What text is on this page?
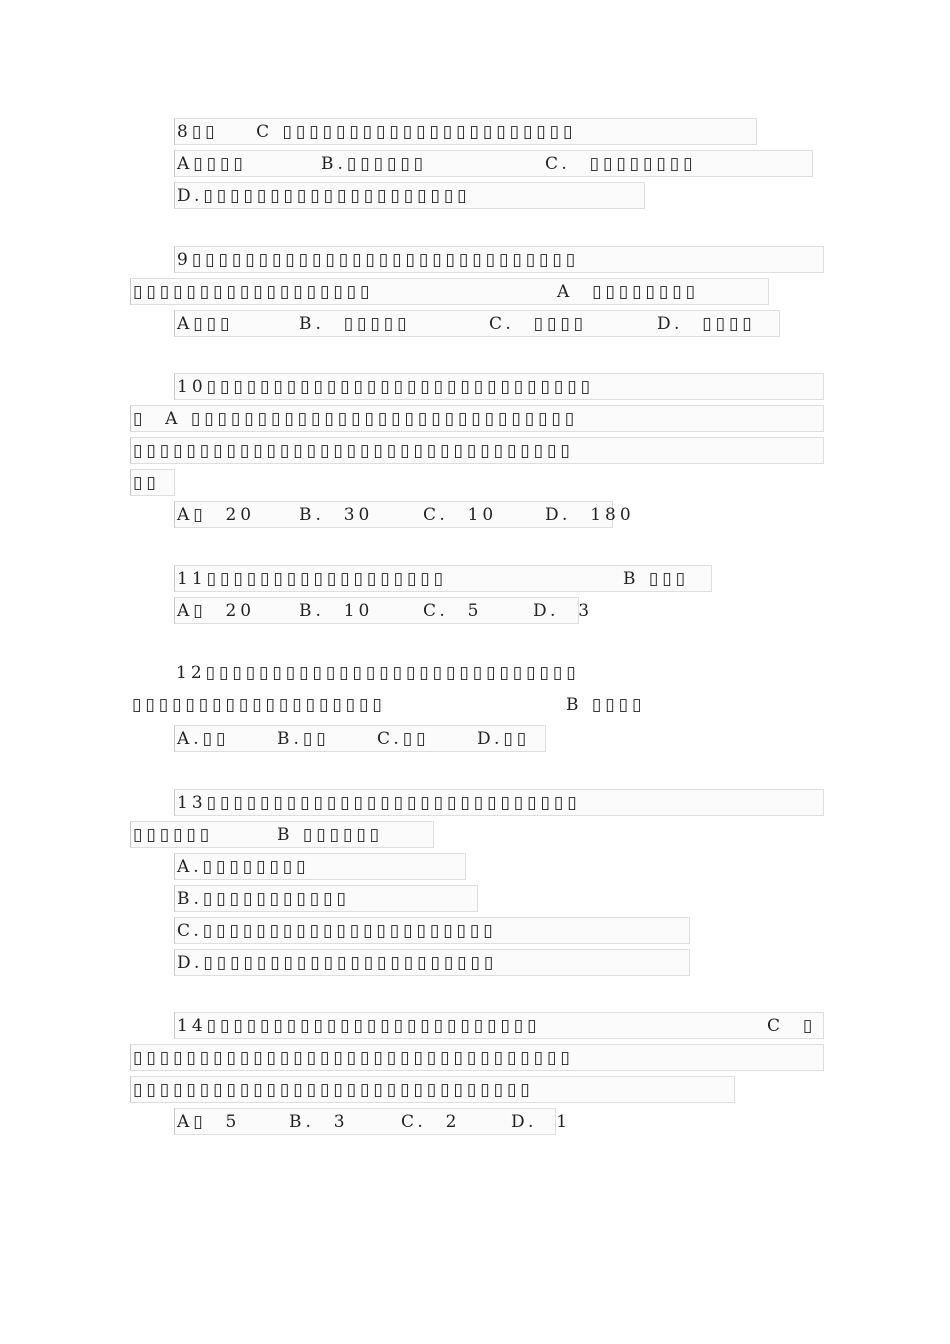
8▯▯    C ▯▯▯▯▯▯▯▯▯▯▯▯▯▯▯▯▯▯▯▯▯▯

A▯▯▯▯

	B.▯▯▯▯▯▯

	C.  ▯▯▯▯▯▯▯▯

D.▯▯▯▯▯▯▯▯▯▯▯▯▯▯▯▯▯▯▯▯

9▯▯▯▯▯▯▯▯▯▯▯▯▯▯▯▯▯▯▯▯▯▯▯▯▯▯▯▯▯

▯▯▯▯▯▯▯▯▯▯▯▯▯▯▯▯▯▯

	A  ▯▯▯▯▯▯▯▯

A▯▯▯

	B.  ▯▯▯▯▯

	C.  ▯▯▯▯

	D.  ▯▯▯▯

10▯▯▯▯▯▯▯▯▯▯▯▯▯▯▯▯▯▯▯▯▯▯▯▯▯▯▯▯▯

▯  A ▯▯▯▯▯▯▯▯▯▯▯▯▯▯▯▯▯▯▯▯▯▯▯▯▯▯▯▯▯

▯▯▯▯▯▯▯▯▯▯▯▯▯▯▯▯▯▯▯▯▯▯▯▯▯▯▯▯▯▯▯▯▯

▯▯

A▯  20

	B.  30

	C.  10

	D.  180

11▯▯▯▯▯▯▯▯▯▯▯▯▯▯▯▯▯▯

	B ▯▯▯

A▯  20

	B.  10

	C.  5

	D.  3

12▯▯▯▯▯▯▯▯▯▯▯▯▯▯▯▯▯▯▯▯▯▯▯▯▯▯▯▯

▯▯▯▯▯▯▯▯▯▯▯▯▯▯▯▯▯▯▯

	B ▯▯▯▯

A.▯▯

	B.▯▯

	C.▯▯

	D.▯▯

13▯▯▯▯▯▯▯▯▯▯▯▯▯▯▯▯▯▯▯▯▯▯▯▯▯▯▯▯

▯▯▯▯▯▯

	B ▯▯▯▯▯▯

A.▯▯▯▯▯▯▯▯

B.▯▯▯▯▯▯▯▯▯▯▯

C.▯▯▯▯▯▯▯▯▯▯▯▯▯▯▯▯▯▯▯▯▯▯

D.▯▯▯▯▯▯▯▯▯▯▯▯▯▯▯▯▯▯▯▯▯▯

14▯▯▯▯▯▯▯▯▯▯▯▯▯▯▯▯▯▯▯▯▯▯▯▯▯

	C  ▯

▯▯▯▯▯▯▯▯▯▯▯▯▯▯▯▯▯▯▯▯▯▯▯▯▯▯▯▯▯▯▯▯▯

▯▯▯▯▯▯▯▯▯▯▯▯▯▯▯▯▯▯▯▯▯▯▯▯▯▯▯▯▯▯

A▯  5

	B.  3

	C.  2

	D.  1
